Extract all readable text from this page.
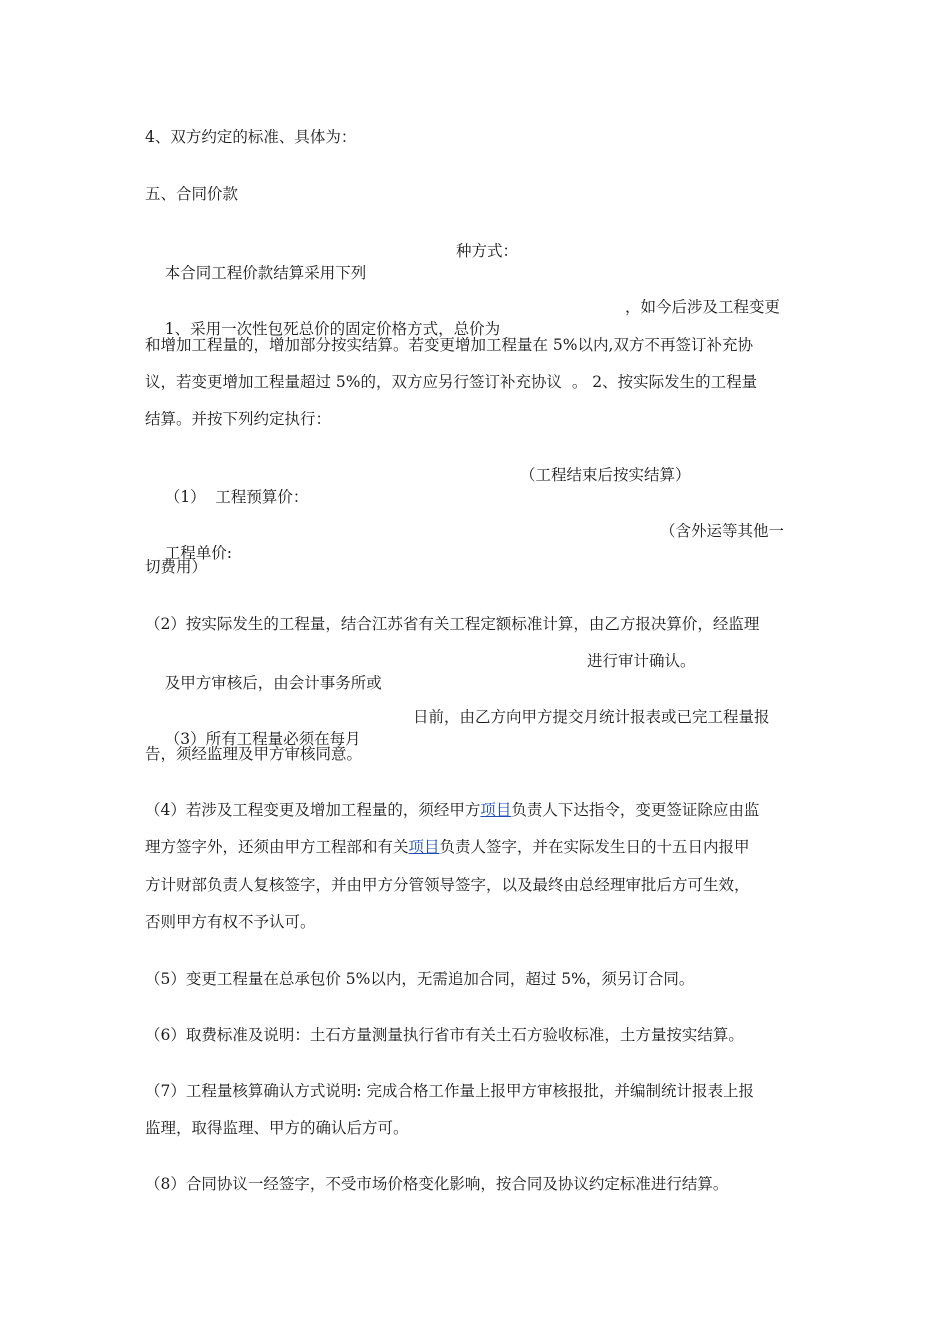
4、双方约定的标准、具体为：
五、合同价款

本合同工程价款结算采用下列

种方式：

1、采用一次性包死总价的固定价格方式，总价为

，如今后涉及工程变更

和增加工程量的，增加部分按实结算。若变更增加工程量在 5%以内,双方不再签订补充协
议，若变更增加工程量超过 5%的，双方应另行签订补充协议  。 2、按实际发生的工程量
结算。并按下列约定执行：

（1）  工程预算价：

（工程结束后按实结算）

工程单价:

（含外运等其他一

切费用）
（2）按实际发生的工程量，结合江苏省有关工程定额标准计算，由乙方报决算价，经监理

及甲方审核后，由会计事务所或

进行审计确认。

（3）所有工程量必须在每月

日前，由乙方向甲方提交月统计报表或已完工程量报

告，须经监理及甲方审核同意。
（4）若涉及工程变更及增加工程量的，须经甲方项目负责人下达指令，变更签证除应由监
理方签字外，还须由甲方工程部和有关项目负责人签字，并在实际发生日的十五日内报甲
方计财部负责人复核签字，并由甲方分管领导签字，以及最终由总经理审批后方可生效，
否则甲方有权不予认可。
（5）变更工程量在总承包价 5%以内，无需追加合同，超过 5%，须另订合同。
（6）取费标准及说明：土石方量测量执行省市有关土石方验收标准，土方量按实结算。
（7）工程量核算确认方式说明: 完成合格工作量上报甲方审核报批，并编制统计报表上报
监理，取得监理、甲方的确认后方可。
（8）合同协议一经签字，不受市场价格变化影响，按合同及协议约定标准进行结算。
